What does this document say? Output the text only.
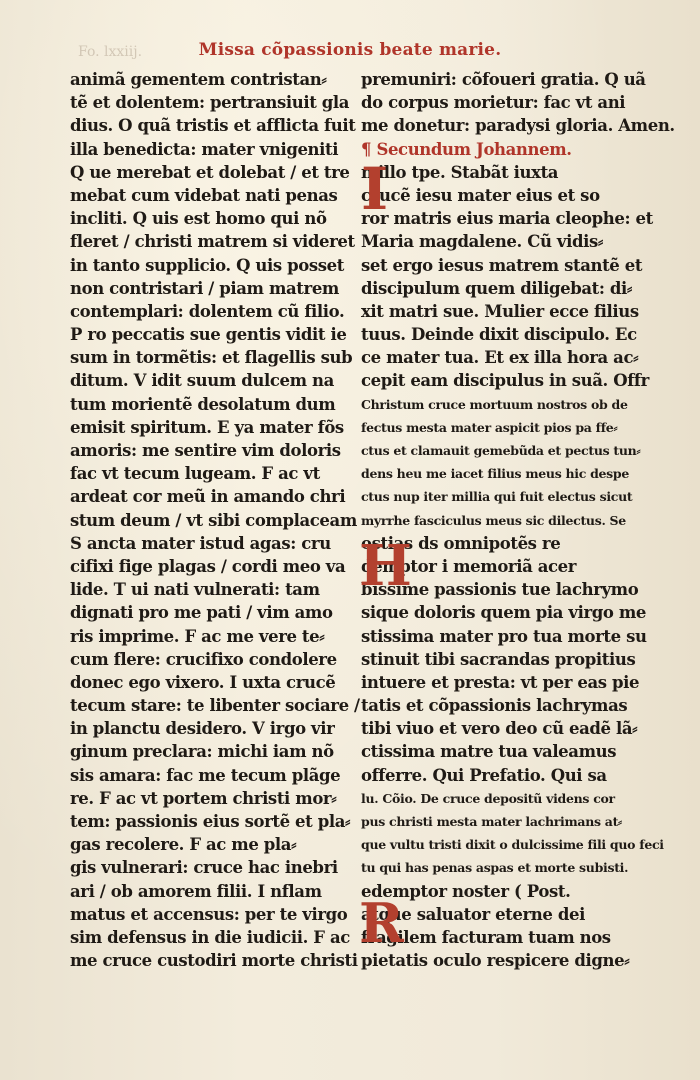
Fo. lxxiij.	Missa cõpassionis beate marie.
animã gementem contristan⸗
tẽ et dolentem: pertransiuit gla
dius. O quã tristis et afflicta fuit
illa benedicta: mater vnigeniti
Q ue merebat et dolebat / et tre
mebat cum videbat nati penas
incliti. Q uis est homo qui nõ
fleret / christi matrem si videret
in tanto supplicio. Q uis posset
non contristari / piam matrem
contemplari: dolentem cũ filio.
P ro peccatis sue gentis vidit ie
sum in tormẽtis: et flagellis sub
ditum. V idit suum dulcem na
tum morientẽ desolatum dum
emisit spiritum. E ya mater fõs
amoris: me sentire vim doloris
fac vt tecum lugeam. F ac vt
ardeat cor meũ in amando chri
stum deum / vt sibi complaceam
S ancta mater istud agas: cru
cifixi fige plagas / cordi meo va
lide. T ui nati vulnerati: tam
dignati pro me pati / vim amo
ris imprime. F ac me vere te⸗
cum flere: crucifixo condolere
donec ego vixero. I uxta crucẽ
tecum stare: te libenter sociare /
in planctu desidero. V irgo vir
ginum preclara: michi iam nõ
sis amara: fac me tecum plãge
re. F ac vt portem christi mor⸗
tem: passionis eius sortẽ et pla⸗
gas recolere. F ac me pla⸗
gis vulnerari: cruce hac inebri
ari / ob amorem filii. I nflam
matus et accensus: per te virgo
sim defensus in die iudicii. F ac
me cruce custodiri morte christi
I
H
R
premuniri: cõfoueri gratia. Q uã
do corpus morietur: fac vt ani
me donetur: paradysi gloria. Amen.
¶ Secundum Johannem.
n illo tpe. Stabãt iuxta
crucẽ iesu mater eius et so
ror matris eius maria cleophe: et
Maria magdalene. Cũ vidis⸗
set ergo iesus matrem stantẽ et
discipulum quem diligebat: di⸗
xit matri sue. Mulier ecce filius
tuus. Deinde dixit discipulo. Ec
ce mater tua. Et ex illa hora ac⸗
cepit eam discipulus in suã. Offr
Christum cruce mortuum nostros ob de
fectus mesta mater aspicit pios pa ffe⸗
ctus et clamauit gemebũda et pectus tun⸗
dens heu me iacet filius meus hic despe
ctus nup iter millia qui fuit electus sicut
myrrhe fasciculus meus sic dilectus. Se
ostias ds omnipotẽs re
demptor i memoriã acer
bissime passionis tue lachrymo
sique doloris quem pia virgo me
stissima mater pro tua morte su
stinuit tibi sacrandas propitius
intuere et presta: vt per eas pie
tatis et cõpassionis lachrymas
tibi viuo et vero deo cũ eadẽ lã⸗
ctissima matre tua valeamus
offerre. Qui Prefatio. Qui sa
lu. Cõio. De cruce depositũ videns cor
pus christi mesta mater lachrimans at⸗
que vultu tristi dixit o dulcissime fili quo feci
tu qui has penas aspas et morte subisti.
edemptor noster ( Post.
atque saluator eterne dei
fragilem facturam tuam nos
pietatis oculo respicere digne⸗
